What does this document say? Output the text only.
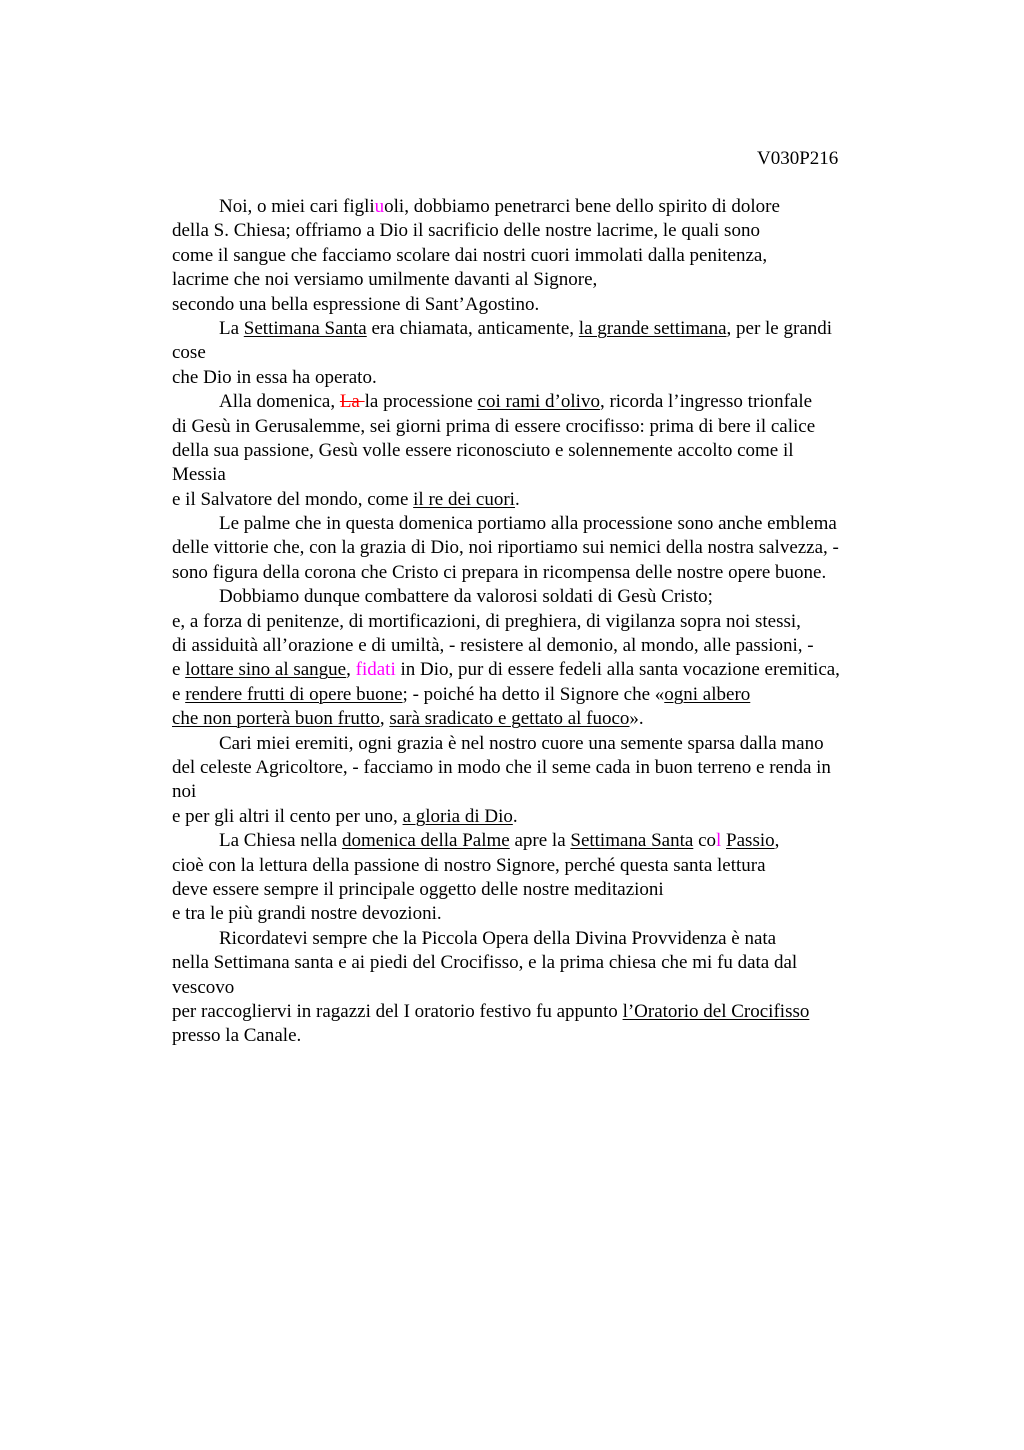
V030P216
Noi, o miei cari figliuoli, dobbiamo penetrarci bene dello spirito di dolore
della S. Chiesa; offriamo a Dio il sacrificio delle nostre lacrime, le quali sono
come il sangue che facciamo scolare dai nostri cuori immolati dalla penitenza,
lacrime che noi versiamo umilmente davanti al Signore,
secondo una bella espressione di Sant’Agostino.
La Settimana Santa era chiamata, anticamente, la grande settimana, per le grandi
cose
che Dio in essa ha operato.
Alla domenica, La la processione coi rami d’olivo, ricorda l’ingresso trionfale
di Gesù in Gerusalemme, sei giorni prima di essere crocifisso: prima di bere il calice
della sua passione, Gesù volle essere riconosciuto e solennemente accolto come il
Messia
e il Salvatore del mondo, come il re dei cuori.
Le palme che in questa domenica portiamo alla processione sono anche emblema
delle vittorie che, con la grazia di Dio, noi riportiamo sui nemici della nostra salvezza, -
sono figura della corona che Cristo ci prepara in ricompensa delle nostre opere buone.
Dobbiamo dunque combattere da valorosi soldati di Gesù Cristo;
e, a forza di penitenze, di mortificazioni, di preghiera, di vigilanza sopra noi stessi,
di assiduità all’orazione e di umiltà, - resistere al demonio, al mondo, alle passioni, -
e lottare sino al sangue, fidati in Dio, pur di essere fedeli alla santa vocazione eremitica,
e rendere frutti di opere buone; - poiché ha detto il Signore che «ogni albero
che non porterà buon frutto, sarà sradicato e gettato al fuoco».
Cari miei eremiti, ogni grazia è nel nostro cuore una semente sparsa dalla mano
del celeste Agricoltore, - facciamo in modo che il seme cada in buon terreno e renda in
noi
e per gli altri il cento per uno, a gloria di Dio.
La Chiesa nella domenica della Palme apre la Settimana Santa col Passio,
cioè con la lettura della passione di nostro Signore, perché questa santa lettura
deve essere sempre il principale oggetto delle nostre meditazioni
e tra le più grandi nostre devozioni.
Ricordatevi sempre che la Piccola Opera della Divina Provvidenza è nata
nella Settimana santa e ai piedi del Crocifisso, e la prima chiesa che mi fu data dal
vescovo
per raccogliervi in ragazzi del I oratorio festivo fu appunto l’Oratorio del Crocifisso
presso la Canale.
